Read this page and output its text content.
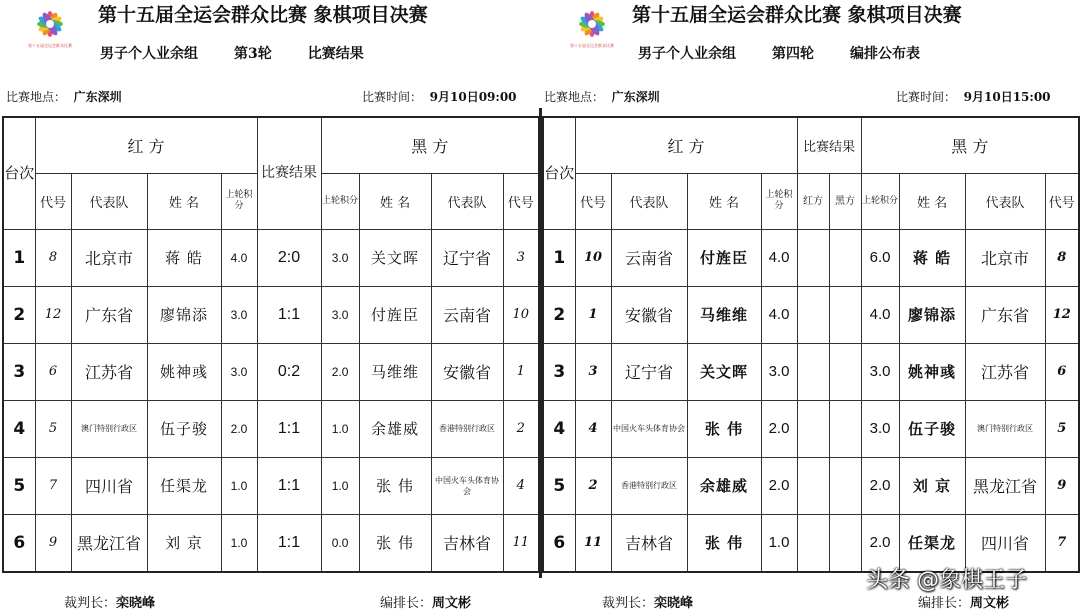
第十五届全运会群众比赛
第十五届全运会群众比赛 象棋项目决赛
男子个人业余组	第3轮	比赛结果
比赛地点： 广东深圳	比赛时间： 9月10日09:00
台次	红 方				比赛结果	黑 方			
	代号	代表队	姓 名	上轮积分		上轮积分	姓 名	代表队	代号
1	8	北京市	蒋 皓	4.0	2:0	3.0	关文晖	辽宁省	3
2	12	广东省	廖锦添	3.0	1:1	3.0	付旌臣	云南省	10
3	6	江苏省	姚神彧	3.0	0:2	2.0	马维维	安徽省	1
4	5	澳门特别行政区	伍子骏	2.0	1:1	1.0	余雄威	香港特别行政区	2
5	7	四川省	任渠龙	1.0	1:1	1.0	张 伟	中国火车头体育协会	4
6	9	黑龙江省	刘 京	1.0	1:1	0.0	张 伟	吉林省	11
裁判长：栾晓峰	编排长：周文彬
第十五届全运会群众比赛
第十五届全运会群众比赛 象棋项目决赛
男子个人业余组	第四轮	编排公布表
比赛地点： 广东深圳	比赛时间： 9月10日15:00
台次	红 方				比赛结果		黑 方			
	代号	代表队	姓 名	上轮积分	红方	黑方	上轮积分	姓 名	代表队	代号
1	10	云南省	付旌臣	4.0			6.0	蒋 皓	北京市	8
2	1	安徽省	马维维	4.0			4.0	廖锦添	广东省	12
3	3	辽宁省	关文晖	3.0			3.0	姚神彧	江苏省	6
4	4	中国火车头体育协会	张 伟	2.0			3.0	伍子骏	澳门特别行政区	5
5	2	香港特别行政区	余雄威	2.0			2.0	刘 京	黑龙江省	9
6	11	吉林省	张 伟	1.0			2.0	任渠龙	四川省	7
裁判长：栾晓峰	编排长：周文彬
头条 @象棋王子
